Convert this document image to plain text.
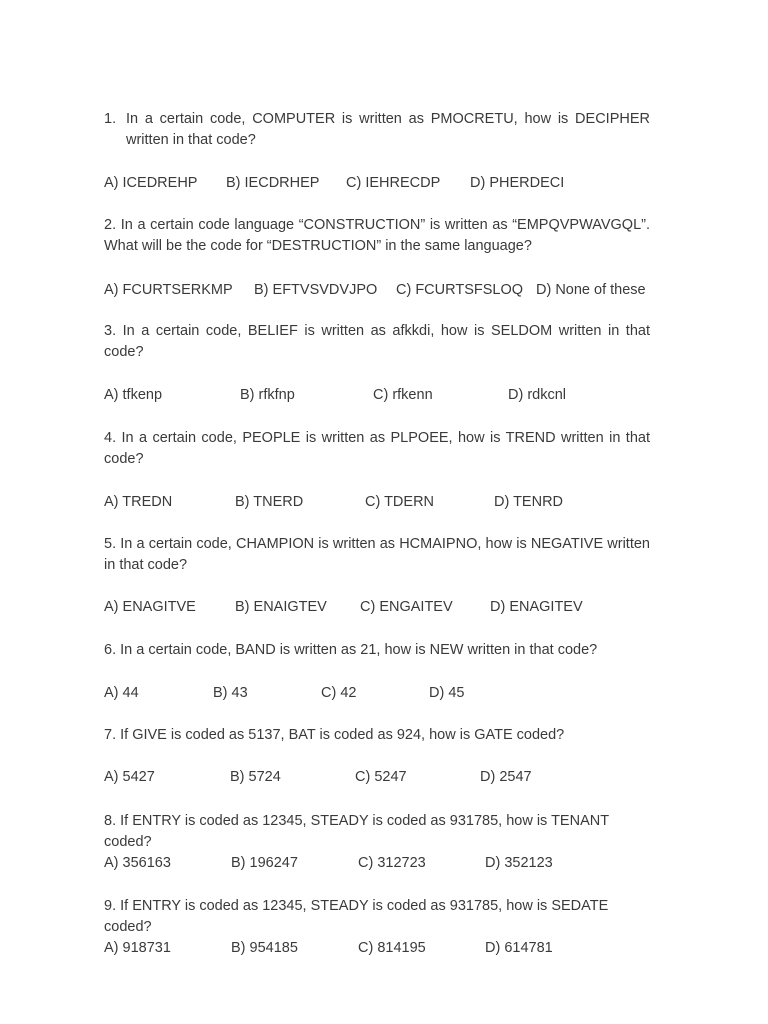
1. In a certain code, COMPUTER is written as PMOCRETU, how is DECIPHER written in that code?
A) ICEDREHP B) IECDRHEP C) IEHRECDP D) PHERDECI
2. In a certain code language “CONSTRUCTION” is written as “EMPQVPWAVGQL”. What will be the code for “DESTRUCTION” in the same language?
A) FCURTSERKMP B) EFTVSVDVJPO C) FCURTSFSLOQ D) None of these
3. In a certain code, BELIEF is written as afkkdi, how is SELDOM written in that code?
A) tfkenp	B) rfkfnp	C) rfkenn	D) rdkcnl
4. In a certain code, PEOPLE is written as PLPOEE, how is TREND written in that code?
A) TREDN	B) TNERD	C) TDERN	D) TENRD
5. In a certain code, CHAMPION is written as HCMAIPNO, how is NEGATIVE written in that code?
A) ENAGITVE	B) ENAIGTEV C) ENGAITEV	D) ENAGITEV
6. In a certain code, BAND is written as 21, how is NEW written in that code?
A) 44	B) 43	C) 42	D) 45
7. If GIVE is coded as 5137, BAT is coded as 924, how is GATE coded?
A) 5427	B) 5724	C) 5247	D) 2547
8. If ENTRY is coded as 12345, STEADY is coded as 931785, how is TENANT coded?
A) 356163	B) 196247	C) 312723	D) 352123
9. If ENTRY is coded as 12345, STEADY is coded as 931785, how is SEDATE coded?
A) 918731	B) 954185	C) 814195	D) 614781
